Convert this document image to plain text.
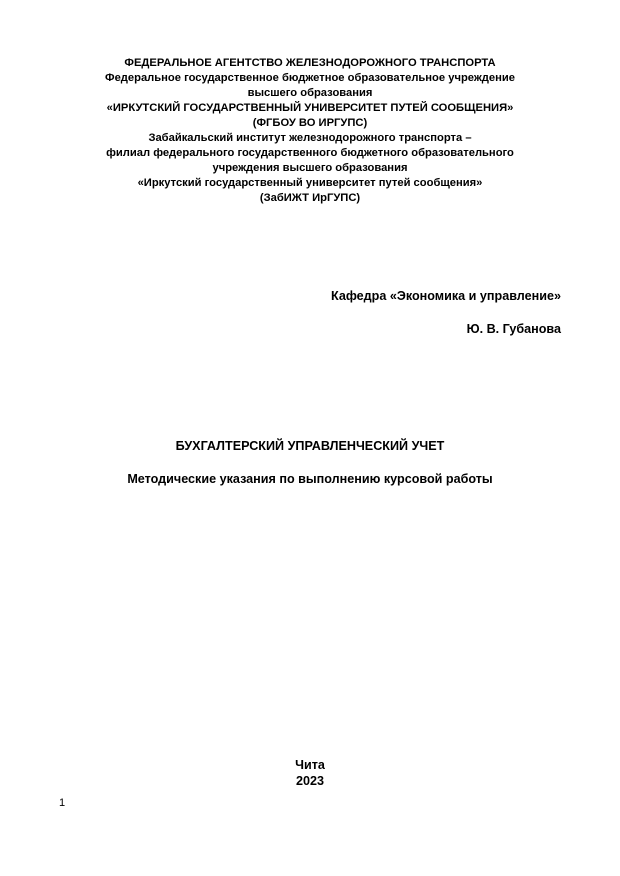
ФЕДЕРАЛЬНОЕ АГЕНТСТВО ЖЕЛЕЗНОДОРОЖНОГО ТРАНСПОРТА
Федеральное государственное бюджетное образовательное учреждение
высшего образования
«ИРКУТСКИЙ ГОСУДАРСТВЕННЫЙ УНИВЕРСИТЕТ ПУТЕЙ СООБЩЕНИЯ»
(ФГБОУ ВО ИРГУПС)
Забайкальский институт железнодорожного транспорта –
филиал федерального государственного бюджетного образовательного
учреждения высшего образования
«Иркутский государственный университет путей сообщения»
(ЗабИЖТ ИрГУПС)
Кафедра «Экономика и управление»
Ю. В. Губанова
БУХГАЛТЕРСКИЙ УПРАВЛЕНЧЕСКИЙ УЧЕТ
Методические указания по выполнению курсовой работы
Чита
2023
1
